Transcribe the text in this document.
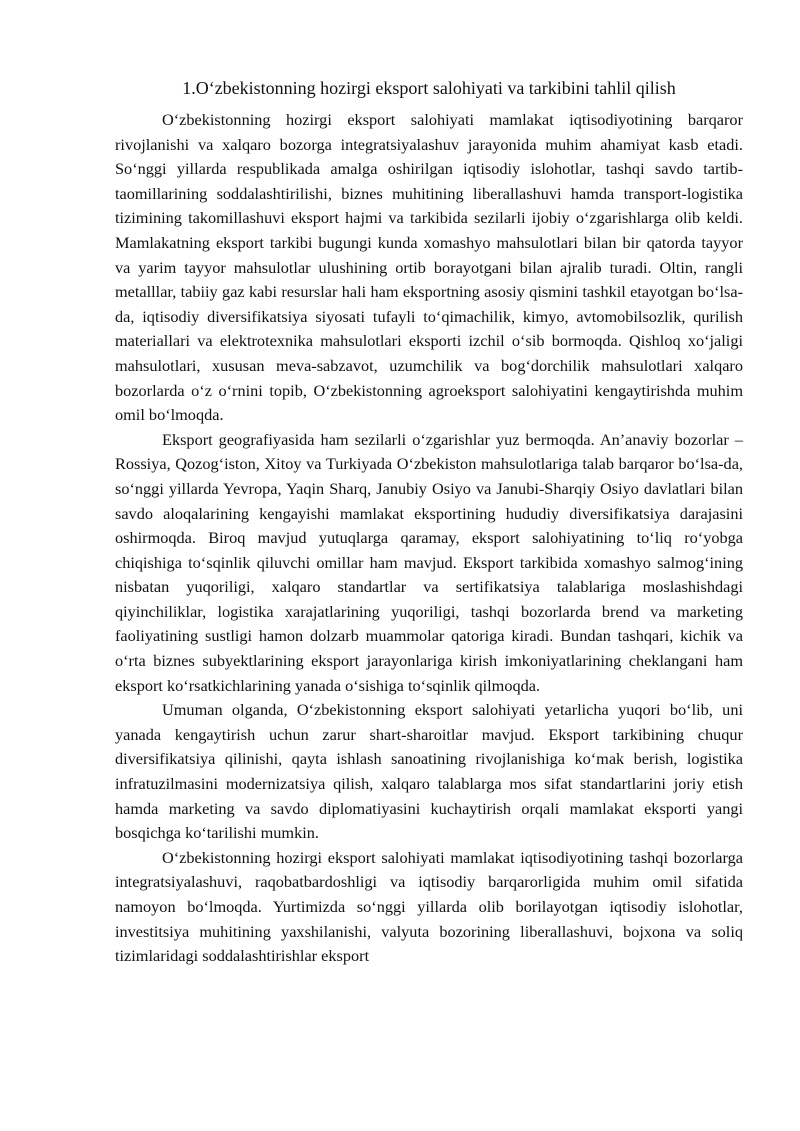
1.O‘zbekistonning hozirgi eksport salohiyati va tarkibini tahlil qilish

O‘zbekistonning hozirgi eksport salohiyati mamlakat iqtisodiyotining barqaror rivojlanishi va xalqaro bozorga integratsiyalashuv jarayonida muhim ahamiyat kasb etadi. So‘nggi yillarda respublikada amalga oshirilgan iqtisodiy islohotlar, tashqi savdo tartib-taomillarining soddalashtirilishi, biznes muhitining liberallashuvi hamda transport-logistika tizimining takomillashuvi eksport hajmi va tarkibida sezilarli ijobiy o‘zgarishlarga olib keldi. Mamlakatning eksport tarkibi bugungi kunda xomashyo mahsulotlari bilan bir qatorda tayyor va yarim tayyor mahsulotlar ulushining ortib borayotgani bilan ajralib turadi. Oltin, rangli metalllar, tabiiy gaz kabi resurslar hali ham eksportning asosiy qismini tashkil etayotgan bo‘lsa-da, iqtisodiy diversifikatsiya siyosati tufayli to‘qimachilik, kimyo, avtomobilsozlik, qurilish materiallari va elektrotexnika mahsulotlari eksporti izchil o‘sib bormoqda. Qishloq xo‘jaligi mahsulotlari, xususan meva-sabzavot, uzumchilik va bog‘dorchilik mahsulotlari xalqaro bozorlarda o‘z o‘rnini topib, O‘zbekistonning agroeksport salohiyatini kengaytirishda muhim omil bo‘lmoqda.

Eksport geografiyasida ham sezilarli o‘zgarishlar yuz bermoqda. An’anaviy bozorlar – Rossiya, Qozog‘iston, Xitoy va Turkiyada O‘zbekiston mahsulotlariga talab barqaror bo‘lsa-da, so‘nggi yillarda Yevropa, Yaqin Sharq, Janubiy Osiyo va Janubi-Sharqiy Osiyo davlatlari bilan savdo aloqalarining kengayishi mamlakat eksportining hududiy diversifikatsiya darajasini oshirmoqda. Biroq mavjud yutuqlarga qaramay, eksport salohiyatining to‘liq ro‘yobga chiqishiga to‘sqinlik qiluvchi omillar ham mavjud. Eksport tarkibida xomashyo salmog‘ining nisbatan yuqoriligi, xalqaro standartlar va sertifikatsiya talablariga moslashishdagi qiyinchiliklar, logistika xarajatlarining yuqoriligi, tashqi bozorlarda brend va marketing faoliyatining sustligi hamon dolzarb muammolar qatoriga kiradi. Bundan tashqari, kichik va o‘rta biznes subyektlarining eksport jarayonlariga kirish imkoniyatlarining cheklangani ham eksport ko‘rsatkichlarining yanada o‘sishiga to‘sqinlik qilmoqda.

Umuman olganda, O‘zbekistonning eksport salohiyati yetarlicha yuqori bo‘lib, uni yanada kengaytirish uchun zarur shart-sharoitlar mavjud. Eksport tarkibining chuqur diversifikatsiya qilinishi, qayta ishlash sanoatining rivojlanishiga ko‘mak berish, logistika infratuzilmasini modernizatsiya qilish, xalqaro talablarga mos sifat standartlarini joriy etish hamda marketing va savdo diplomatiyasini kuchaytirish orqali mamlakat eksporti yangi bosqichga ko‘tarilishi mumkin.

O‘zbekistonning hozirgi eksport salohiyati mamlakat iqtisodiyotining tashqi bozorlarga integratsiyalashuvi, raqobatbardoshligi va iqtisodiy barqarorligida muhim omil sifatida namoyon bo‘lmoqda. Yurtimizda so‘nggi yillarda olib borilayotgan iqtisodiy islohotlar, investitsiya muhitining yaxshilanishi, valyuta bozorining liberallashuvi, bojxona va soliq tizimlaridagi soddalashtirishlar eksport
